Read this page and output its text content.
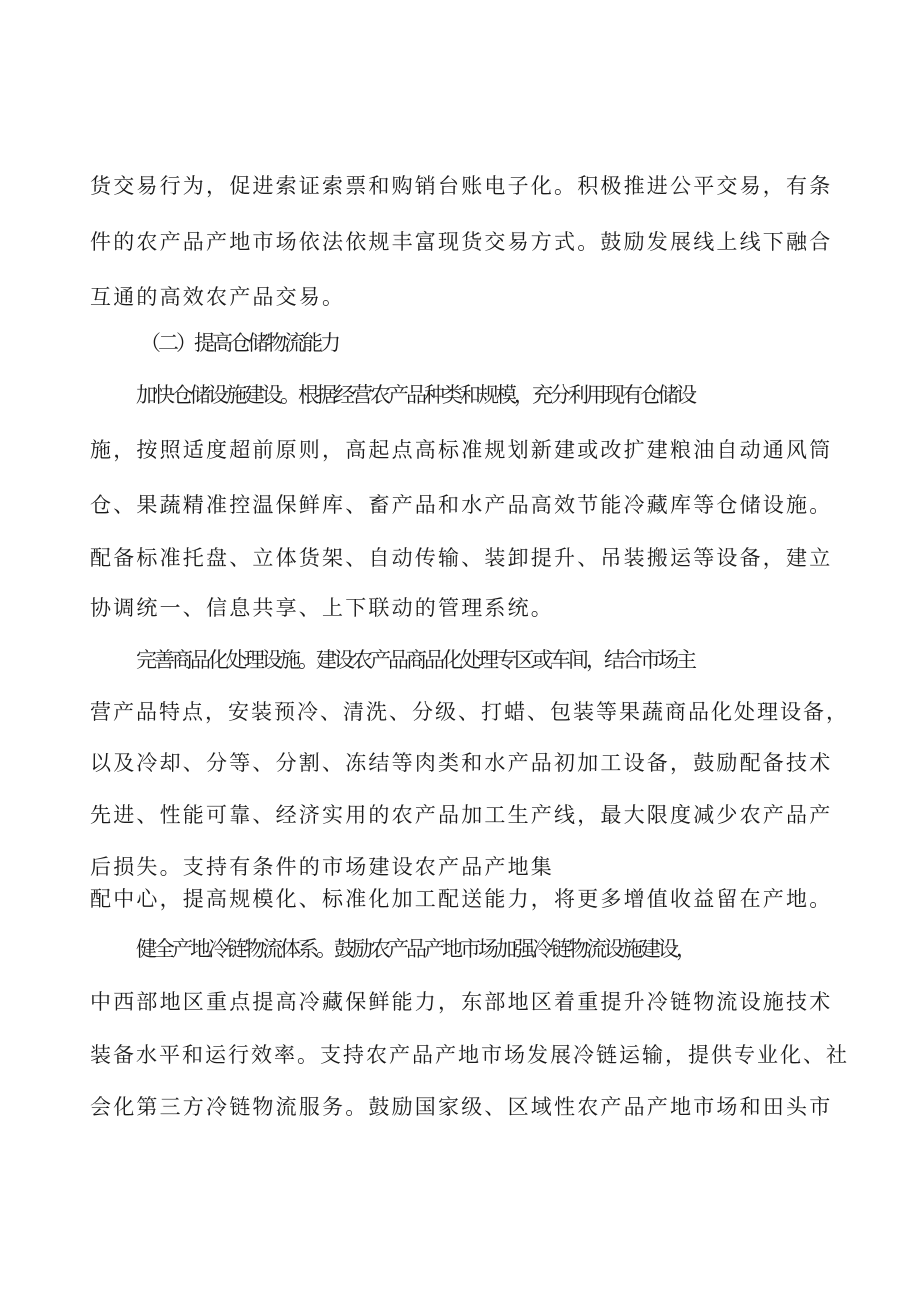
货交易行为，促进索证索票和购销台账电子化。积极推进公平交易，有条
件的农产品产地市场依法依规丰富现货交易方式。鼓励发展线上线下融合
互通的高效农产品交易。
（二）提高仓储物流能力
加快仓储设施建设。根据经营农产品种类和规模，充分利用现有仓储设
施，按照适度超前原则，高起点高标准规划新建或改扩建粮油自动通风筒
仓、果蔬精准控温保鲜库、畜产品和水产品高效节能冷藏库等仓储设施。
配备标准托盘、立体货架、自动传输、装卸提升、吊装搬运等设备，建立
协调统一、信息共享、上下联动的管理系统。
完善商品化处理设施。建设农产品商品化处理专区或车间，结合市场主
营产品特点，安装预冷、清洗、分级、打蜡、包装等果蔬商品化处理设备，
以及冷却、分等、分割、冻结等肉类和水产品初加工设备，鼓励配备技术
先进、性能可靠、经济实用的农产品加工生产线，最大限度减少农产品产
后损失。支持有条件的市场建设农产品产地集
配中心，提高规模化、标准化加工配送能力，将更多增值收益留在产地。
健全产地冷链物流体系。鼓励农产品产地市场加强冷链物流设施建设，
中西部地区重点提高冷藏保鲜能力，东部地区着重提升冷链物流设施技术
装备水平和运行效率。支持农产品产地市场发展冷链运输，提供专业化、社
会化第三方冷链物流服务。鼓励国家级、区域性农产品产地市场和田头市
